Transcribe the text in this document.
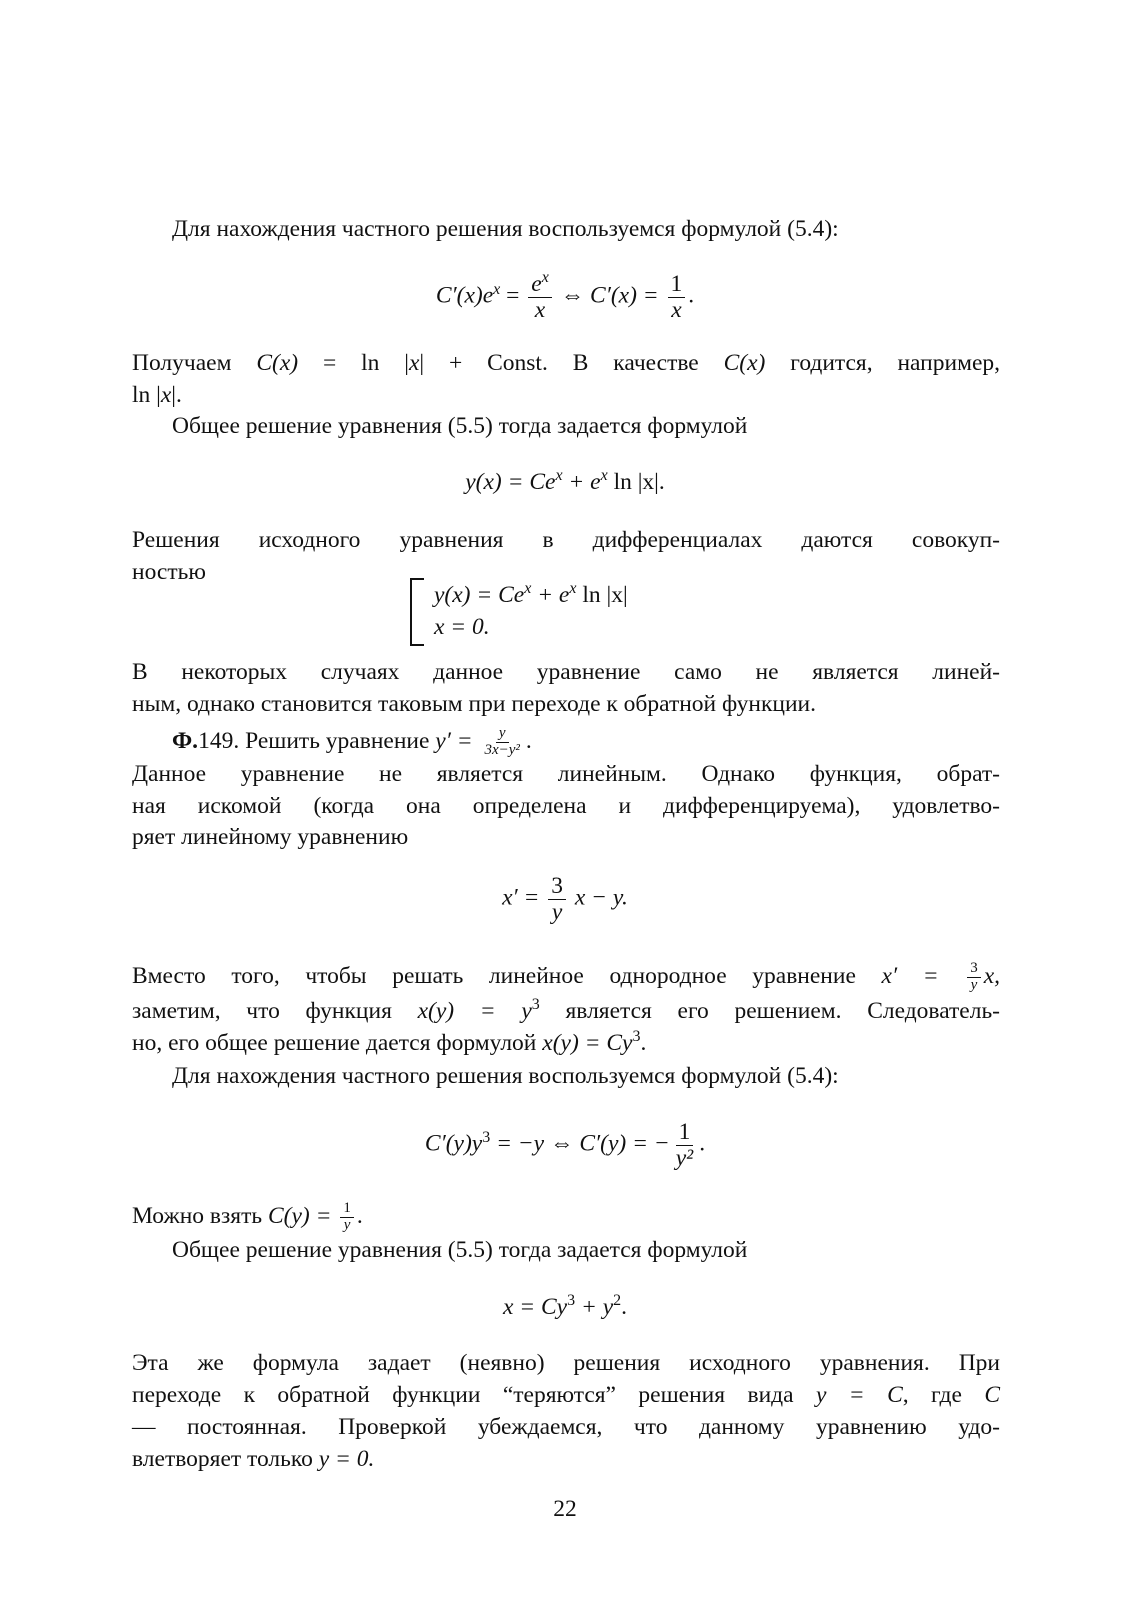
Для нахождения частного решения воспользуемся формулой (5.4):
$C'(x)e^x = \frac{e^x}{x}$ ⇔ $C'(x) = \frac{1}{x}$ .
Получаем C(x) = ln |x| + Const. В качестве C(x) годится, например,
ln |x|.
Общее решение уравнения (5.5) тогда задается формулой
$y(x) = Ce^x + e^x$ ln |x|.
Решения исходного уравнения в дифференциалах даются совокуп-
ностью
$y(x) = Ce^x + e^x$ ln |x|
x = 0.
В некоторых случаях данное уравнение само не является линей-
ным, однако становится таковым при переходе к обратной функции.
Ф.149. Решить уравнение $y' = \frac{y}{\text{3x−y²}}$ .
Данное уравнение не является линейным. Однако функция, обрат-
ная искомой (когда она определена и дифференцируема), удовлетво-
ряет линейному уравнению
$x' = \frac{3}{y}$ x − y.
Вместо того, чтобы решать линейное однородное уравнение $x' = \frac{3}{y} x$,
заметим, что функция $x(y) = y^3$ является его решением. Следователь-
но, его общее решение дается формулой $x(y) = Cy^3$.
Для нахождения частного решения воспользуемся формулой (5.4):
$C'(y)y^3 = -y$ ⇔ C′(y) = − $\frac{1}{\text{y²}}$ .
Можно взять $C(y) = \frac{1}{y}$ .
Общее решение уравнения (5.5) тогда задается формулой
$x = Cy^3 + y^2$.
Эта же формула задает (неявно) решения исходного уравнения. При
переходе к обратной функции “теряются” решения вида y = C, где C
— постоянная. Проверкой убеждаемся, что данному уравнению удо-
влетворяет только y = 0.
22
